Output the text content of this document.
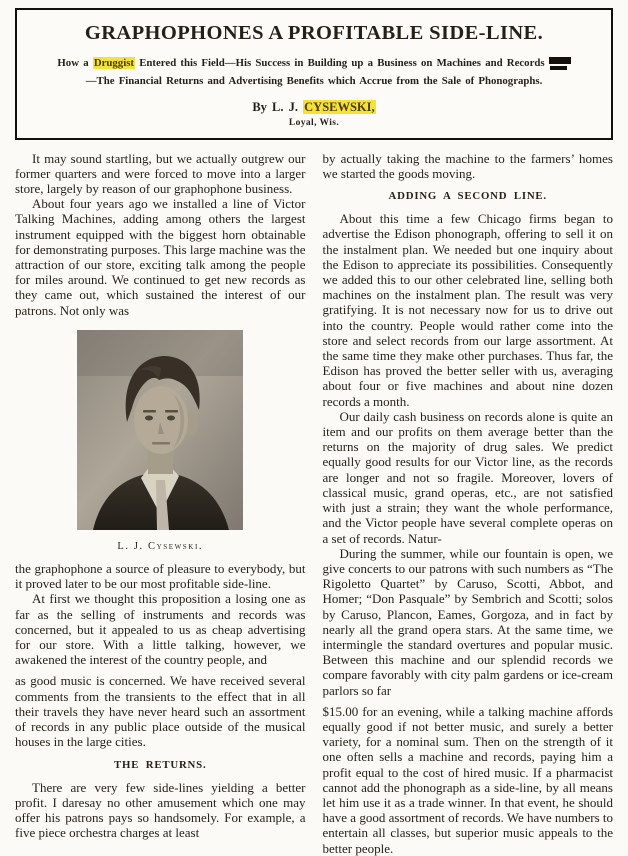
GRAPHOPHONES A PROFITABLE SIDE-LINE.

How a Druggist Entered this Field—His Success in Building up a Business on Machines and Records

—The Financial Returns and Advertising Benefits which Accrue from the Sale of Phonographs.

By L. J. CYSEWSKI,

Loyal, Wis.

It may sound startling, but we actually outgrew our former quarters and were forced to move into a larger store, largely by reason of our graphophone business.

About four years ago we installed a line of Victor Talking Machines, adding among others the largest instrument equipped with the biggest horn obtainable for demonstrating purposes. This large machine was the attraction of our store, exciting talk among the people for miles around. We continued to get new records as they came out, which sustained the interest of our patrons. Not only was

L. J. Cysewski.

the graphophone a source of pleasure to everybody, but it proved later to be our most profitable side-line.

At first we thought this proposition a losing one as far as the selling of instruments and records was concerned, but it appealed to us as cheap advertising for our store. With a little talking, however, we awakened the interest of the country people, and

as good music is concerned. We have received several comments from the transients to the effect that in all their travels they have never heard such an assortment of records in any public place outside of the musical houses in the large cities.

THE RETURNS.

There are very few side-lines yielding a better profit. I daresay no other amusement which one may offer his patrons pays so handsomely. For example, a five piece orchestra charges at least

by actually taking the machine to the farmers’ homes we started the goods moving.

ADDING A SECOND LINE.

About this time a few Chicago firms began to advertise the Edison phonograph, offering to sell it on the instalment plan. We needed but one inquiry about the Edison to appreciate its possibilities. Consequently we added this to our other celebrated line, selling both machines on the instalment plan. The result was very gratifying. It is not necessary now for us to drive out into the country. People would rather come into the store and select records from our large assortment. At the same time they make other purchases. Thus far, the Edison has proved the better seller with us, averaging about four or five machines and about nine dozen records a month.

Our daily cash business on records alone is quite an item and our profits on them average better than the returns on the majority of drug sales. We predict equally good results for our Victor line, as the records are longer and not so fragile. Moreover, lovers of classical music, grand operas, etc., are not satisfied with just a strain; they want the whole performance, and the Victor people have several complete operas on a set of records. Natur-

During the summer, while our fountain is open, we give concerts to our patrons with such numbers as “The Rigoletto Quartet” by Caruso, Scotti, Abbot, and Homer; “Don Pasquale” by Sembrich and Scotti; solos by Caruso, Plancon, Eames, Gorgoza, and in fact by nearly all the grand opera stars. At the same time, we intermingle the standard overtures and popular music. Between this machine and our splendid records we compare favorably with city palm gardens or ice-cream parlors so far

$15.00 for an evening, while a talking machine affords equally good if not better music, and surely a better variety, for a nominal sum. Then on the strength of it one often sells a machine and records, paying him a profit equal to the cost of hired music. If a pharmacist cannot add the phonograph as a side-line, by all means let him use it as a trade winner. In that event, he should have a good assortment of records. We have numbers to entertain all classes, but superior music appeals to the better people.
